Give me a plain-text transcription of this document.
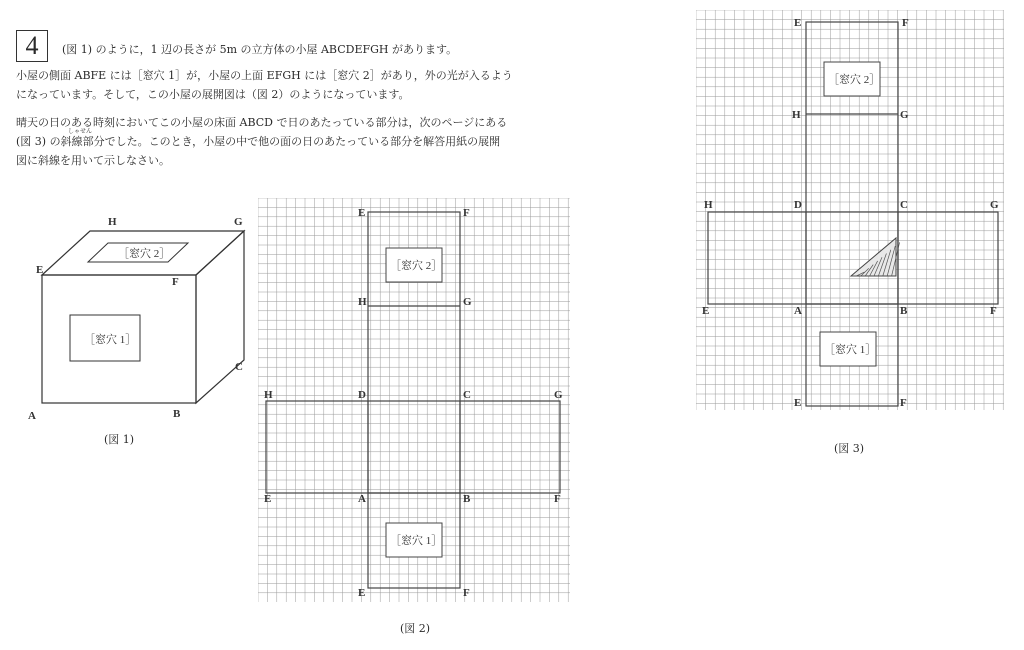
4	(図 1) のように，1 辺の長さが 5m の立方体の小屋 ABCDEFGH があります。
小屋の側面 ABFE には［窓穴 1］が，小屋の上面 EFGH には［窓穴 2］があり，外の光が入るよう
になっています。そして，この小屋の展開図は（図 2）のようになっています。
晴天の日のある時刻においてこの小屋の床面 ABCD で日のあたっている部分は，次のページにある
しゃせん
(図 3) の斜線部分でした。このとき，小屋の中で他の面の日のあたっている部分を解答用紙の展開
図に斜線を用いて示しなさい。
［窓穴 2］
［窓穴 1］
H	G
E
F
C
A	B
(図 1)
［窓穴 2］
［窓穴 1］
E	F
H	G
H	D	C	G
E	A	B	F
E	F
(図 2)
［窓穴 2］
［窓穴 1］
E	F
H	G
H	D	C	G
E	A	B	F
E	F
(図 3)
